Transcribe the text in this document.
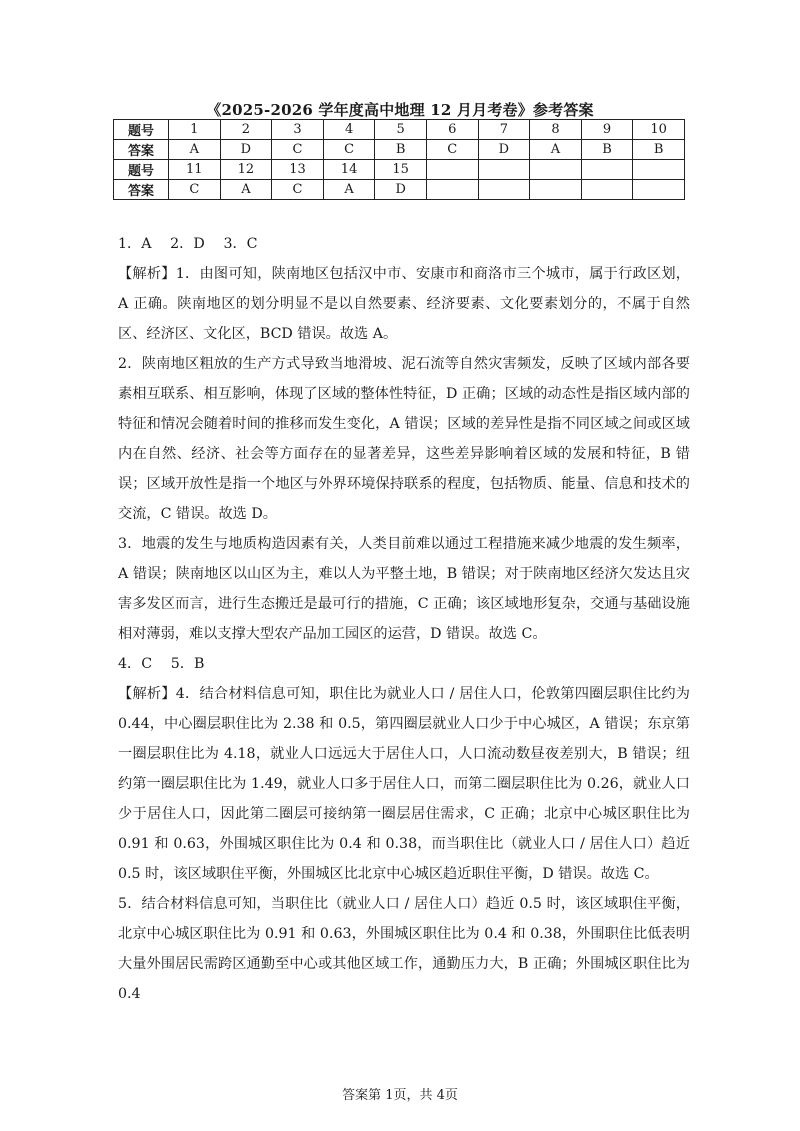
《2025-2026 学年度高中地理 12 月月考卷》参考答案
题号	1	2	3	4	5	6	7	8	9	10
答案	A	D	C	C	B	C	D	A	B	B
题号	11	12	13	14	15					
答案	C	A	C	A	D					

1．A　 2．D　 3．C

【解析】1．由图可知，陕南地区包括汉中市、安康市和商洛市三个城市，属于行政区划，A 正确。陕南地区的划分明显不是以自然要素、经济要素、文化要素划分的，不属于自然区、经济区、文化区，BCD 错误。故选 A。

2．陕南地区粗放的生产方式导致当地滑坡、泥石流等自然灾害频发，反映了区域内部各要素相互联系、相互影响，体现了区域的整体性特征，D 正确；区域的动态性是指区域内部的特征和情况会随着时间的推移而发生变化，A 错误；区域的差异性是指不同区域之间或区域内在自然、经济、社会等方面存在的显著差异，这些差异影响着区域的发展和特征，B 错误；区域开放性是指一个地区与外界环境保持联系的程度，包括物质、能量、信息和技术的交流，C 错误。故选 D。

3．地震的发生与地质构造因素有关，人类目前难以通过工程措施来减少地震的发生频率，A 错误；陕南地区以山区为主，难以人为平整土地，B 错误；对于陕南地区经济欠发达且灾害多发区而言，进行生态搬迁是最可行的措施，C 正确；该区域地形复杂，交通与基础设施相对薄弱，难以支撑大型农产品加工园区的运营，D 错误。故选 C。

4．C　 5．B

【解析】4．结合材料信息可知，职住比为就业人口 / 居住人口，伦敦第四圈层职住比约为 0.44，中心圈层职住比为 2.38 和 0.5，第四圈层就业人口少于中心城区，A 错误；东京第一圈层职住比为 4.18，就业人口远远大于居住人口，人口流动数昼夜差别大，B 错误；纽约第一圈层职住比为 1.49，就业人口多于居住人口，而第二圈层职住比为 0.26，就业人口少于居住人口，因此第二圈层可接纳第一圈层居住需求，C 正确；北京中心城区职住比为 0.91 和 0.63，外围城区职住比为 0.4 和 0.38，而当职住比（就业人口 / 居住人口）趋近 0.5 时，该区域职住平衡，外围城区比北京中心城区趋近职住平衡，D 错误。故选 C。

5．结合材料信息可知，当职住比（就业人口 / 居住人口）趋近 0.5 时，该区域职住平衡，北京中心城区职住比为 0.91 和 0.63，外围城区职住比为 0.4 和 0.38，外围职住比低表明大量外围居民需跨区通勤至中心或其他区域工作，通勤压力大，B 正确；外围城区职住比为 0.4

答案第 1页，共 4页
